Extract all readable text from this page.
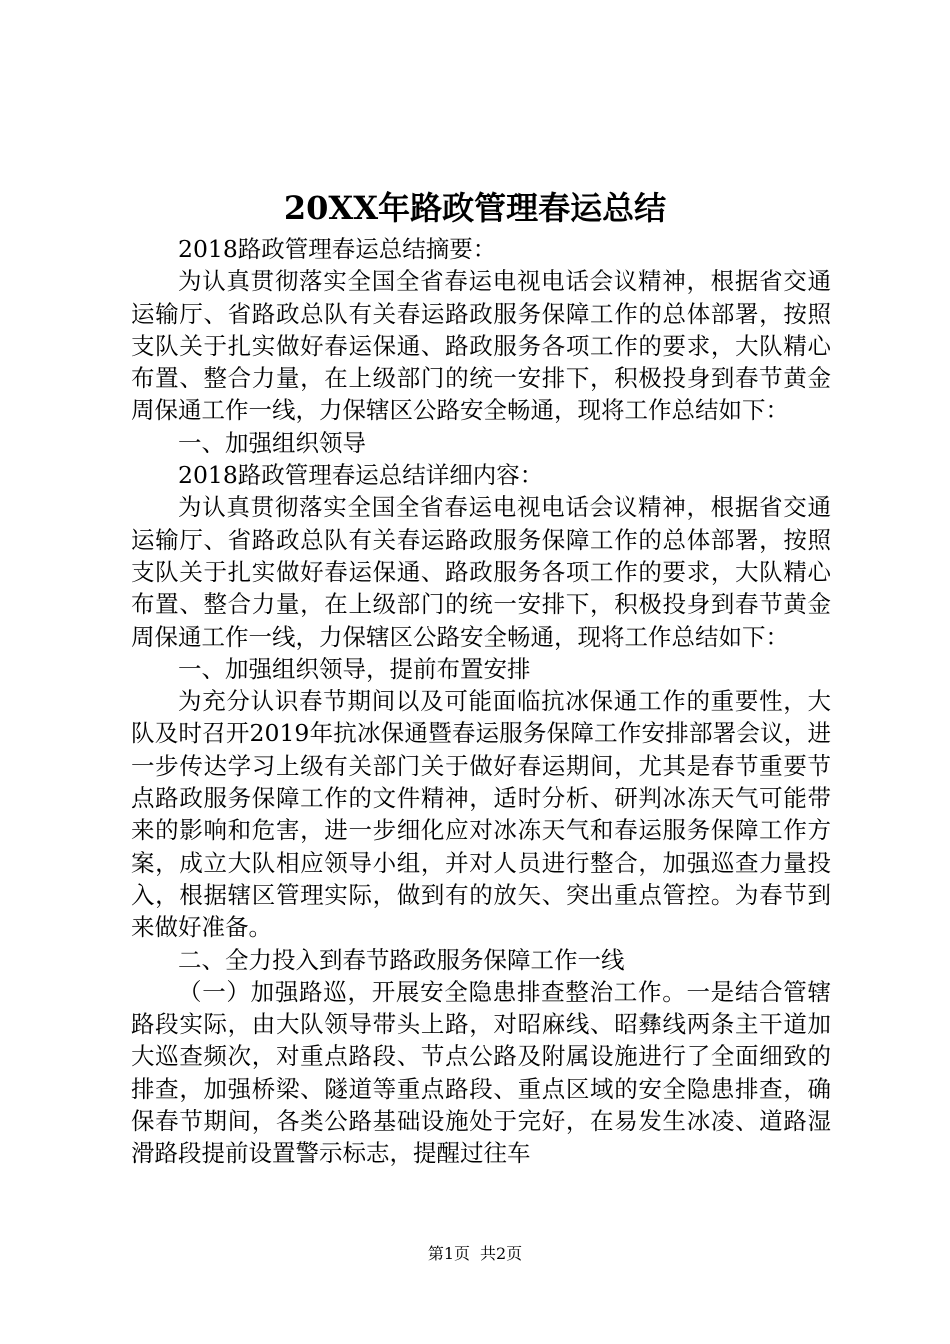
20XX年路政管理春运总结

2018路政管理春运总结摘要：

为认真贯彻落实全国全省春运电视电话会议精神，根据省交通运输厅、省路政总队有关春运路政服务保障工作的总体部署，按照支队关于扎实做好春运保通、路政服务各项工作的要求，大队精心布置、整合力量，在上级部门的统一安排下，积极投身到春节黄金周保通工作一线，力保辖区公路安全畅通，现将工作总结如下：

一、加强组织领导

2018路政管理春运总结详细内容：

为认真贯彻落实全国全省春运电视电话会议精神，根据省交通运输厅、省路政总队有关春运路政服务保障工作的总体部署，按照支队关于扎实做好春运保通、路政服务各项工作的要求，大队精心布置、整合力量，在上级部门的统一安排下，积极投身到春节黄金周保通工作一线，力保辖区公路安全畅通，现将工作总结如下：

一、加强组织领导，提前布置安排

为充分认识春节期间以及可能面临抗冰保通工作的重要性，大队及时召开2019年抗冰保通暨春运服务保障工作安排部署会议，进一步传达学习上级有关部门关于做好春运期间，尤其是春节重要节点路政服务保障工作的文件精神，适时分析、研判冰冻天气可能带来的影响和危害，进一步细化应对冰冻天气和春运服务保障工作方案，成立大队相应领导小组，并对人员进行整合，加强巡查力量投入，根据辖区管理实际，做到有的放矢、突出重点管控。为春节到来做好准备。

二、全力投入到春节路政服务保障工作一线

（一）加强路巡，开展安全隐患排查整治工作。一是结合管辖路段实际，由大队领导带头上路，对昭麻线、昭彝线两条主干道加大巡查频次，对重点路段、节点公路及附属设施进行了全面细致的排查，加强桥梁、隧道等重点路段、重点区域的安全隐患排查，确保春节期间，各类公路基础设施处于完好，在易发生冰凌、道路湿滑路段提前设置警示标志，提醒过往车

第1页 共2页
